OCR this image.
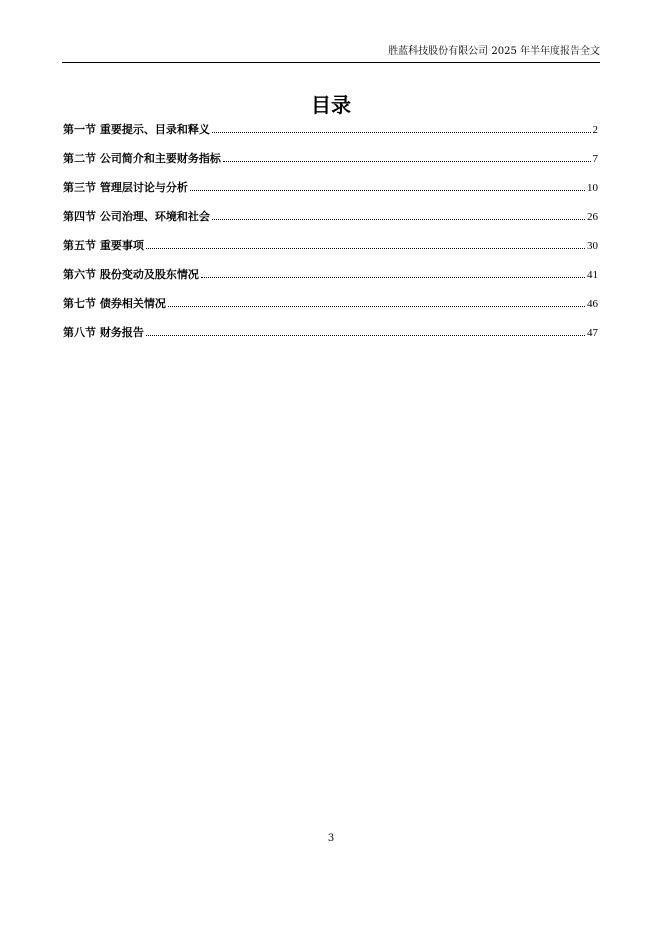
胜蓝科技股份有限公司 2025 年半年度报告全文
目录
第一节 重要提示、目录和释义	2
第二节 公司简介和主要财务指标	7
第三节 管理层讨论与分析	10
第四节 公司治理、环境和社会	26
第五节 重要事项	30
第六节 股份变动及股东情况	41
第七节 债券相关情况	46
第八节 财务报告	47
3
